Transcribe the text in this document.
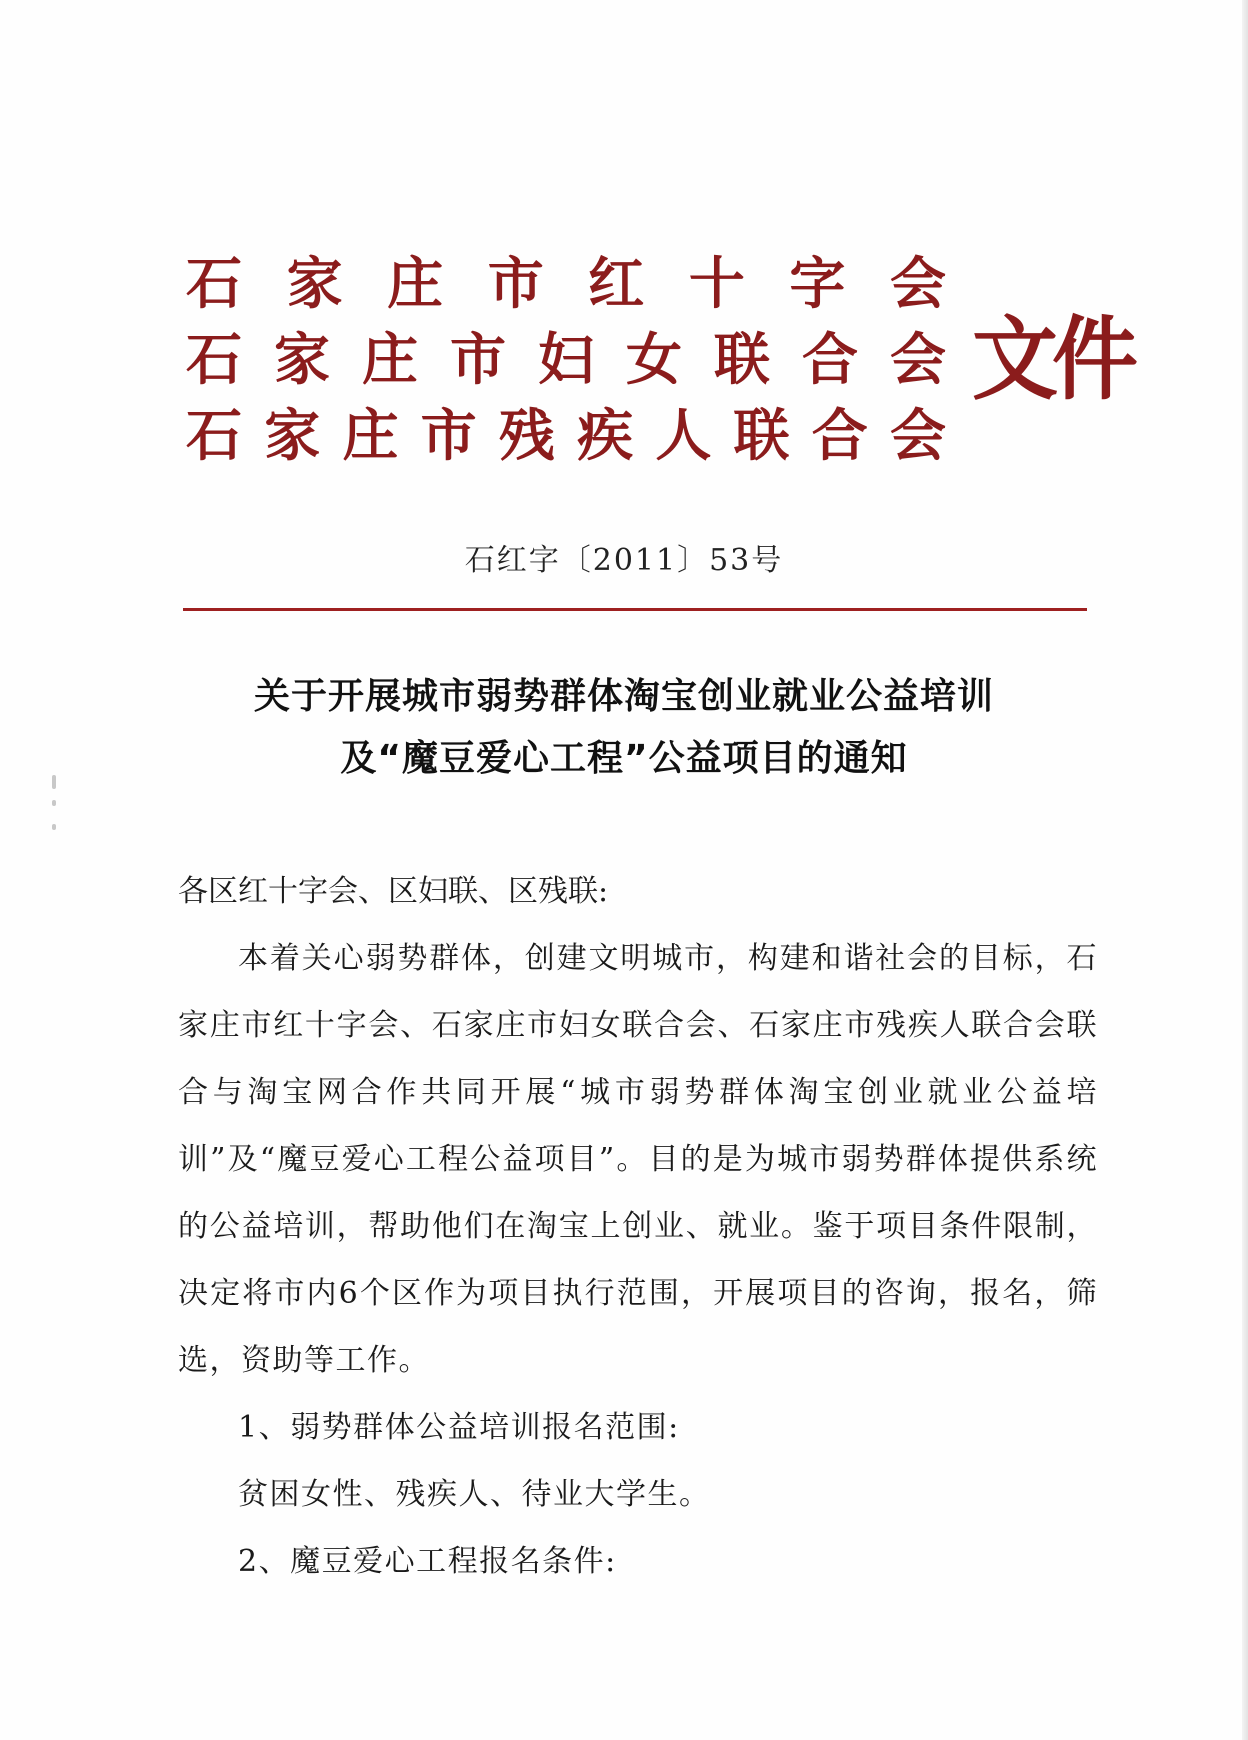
石 家 庄 市 红 十 字 会
石 家 庄 市 妇 女 联 合 会
石 家 庄 市 残 疾 人 联 合 会
文件
石红字〔2011〕53号
关于开展城市弱势群体淘宝创业就业公益培训
及“魔豆爱心工程”公益项目的通知

各区红十字会、区妇联、区残联:

本着关心弱势群体，创建文明城市，构建和谐社会的目标，石家庄市红十字会、石家庄市妇女联合会、石家庄市残疾人联合会联合与淘宝网合作共同开展“城市弱势群体淘宝创业就业公益培训”及“魔豆爱心工程公益项目”。目的是为城市弱势群体提供系统的公益培训，帮助他们在淘宝上创业、就业。鉴于项目条件限制，决定将市内6个区作为项目执行范围，开展项目的咨询，报名，筛选，资助等工作。

1、弱势群体公益培训报名范围:

贫困女性、残疾人、待业大学生。

2、魔豆爱心工程报名条件:
